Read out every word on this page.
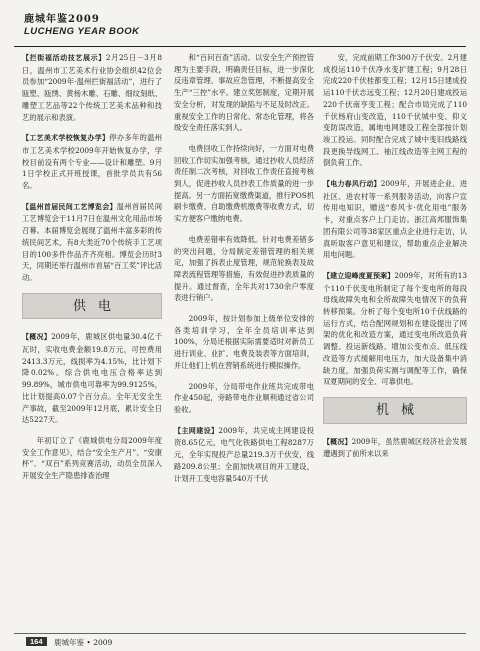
鹿城年鉴2009
LUCHENG YEAR BOOK

【拦街福活动技艺展示】2月25日－3月8日，温州市工艺美术行业协会组织42位会员参加“2009年·温州拦街福活动”，进行了瓯塑、瓯绣、黄杨木雕、石雕、细纹刻纸、雕塑工艺品等22个传统工艺美术品种和技艺的展示和表演。

【工艺美术学校恢复办学】停办多年的温州市工艺美术学校2009年开始恢复办学，学校目前设有两个专业——设计和雕塑。9月1日学校正式开班授课，首批学员共有56名。

【温州首届民间工艺博览会】温州首届民间工艺博览会于11月7日在温州文化用品市场召幕。本届博览会展现了温州丰富多彩的传统民间艺术，有8大类近70个传统手工艺项目的100多件作品齐齐亮相。博览会历时3天，同期还举行温州市首届“百工奖”评比活动。

供电

【概况】2009年，鹿城区供电量30.4亿千瓦时，实收电费金额19.8万元，可控费用2413.3万元，线损率为4.15%，比计划下降0.02%。综合供电电压合格率达到99.89%，城市供电可靠率为99.9125%，比计划提高0.07个百分点。全年无安全生产事故，截至2009年12月底，累计安全日达5227天。

年初订立了《鹿城供电分局2009年度安全工作意见》，结合“安全生产月”、“安康杯”、“双百”系列竞赛活动，动员全员深入开展安全生产隐患排查治理

和“百问百查”活动。以安全生产预控管理为主要手段，明确责任目标，进一步深化反违章管理、事故应急管理，不断提高安全生产“三控”水平。建立奖惩制度，定期开展安全分析，对发现的缺陷与不足及时改正。重视安全工作的日常化、常态化管理，将各级安全责任落实到人。

电费回收工作持续向好，一方面对电费回收工作切实加强考核，通过抄收人员经济责任制二次考核，对回收工作责任直接考核到人，促进抄收人员抄表工作质量的进一步提高。另一方面拓宽缴费渠道，推行POS机刷卡缴费、自助缴费机缴费等收费方式，切实方便客户缴纳电费。

电费差错率有效降低。针对电费差错多的突出问题，分局制定差错管理的相关规定，加强了拆表止度管理，规范轮换表及故障表流程管理等措施，有效促进抄表质量的提升。通过督查，全年共对1730余户零度表进行销户。

2009年，按计划参加上级单位安排的各类培训学习，全年全员培训率达到100%，分局还根据实际需要适时对新员工进行训业、业扩、电费及装表等方面培训，并让他们上机在营销系统进行模拟操作。

2009年，分局带电作业班共完成带电作业450起，旁路带电作业顺利通过省公司验收。

【主网建设】2009年，共完成主网建设投资8.65亿元，电气化铁路供电工程8287万元，全年实现投产总量219.3万千伏安，线路209.8公里；全面加快项目的开工建设，计划开工变电容量540万千伏

安，完成前期工作300万千伏安。2月建成投运110千伏净水变扩建工程；9月28日完成220千伏桂都变工程；12月15日建成投运110千伏志远变工程；12月20日建成投运220千伏南亨变工程；配合市局完成了110千伏杨府山变改造，110千伏城中变、仰义变防误改造，属地电网建设工程全部按计划竣工投运。同时配合完成了城中变旧线路线段更换导线网工、袖江线改造等主网工程的倒负荷工作。

【电力春风行动】2009年，开展进企业、进社区、进农村等一系列服务活动，向客户宣传用电知识，赠送“春风卡·优化用电”服务卡，对重点客户上门走访。浙江高邦服饰集团有限公司等38家区重点企业进行走访，认真听取客户意见和建议，帮助重点企业解决用电问题。

【建立迎峰度夏预案】2009年，对所有的13个110千伏变电所制定了每个变电所的每段母线故障失电和全所故障失电情况下的负荷转移预案。分析了每个变电所10千伏线路的运行方式，结合配网规划和在建设提出了网架的优化和改造方案，通过变电所改造负荷调整、投运新线路、增加公变布点、低压线改造等方式缓解用电压力，加大设备集中消缺力度，加强负荷实测与调配等工作，确保双夏期间的安全、可靠供电。

机械

【概况】2009年，虽然鹿城区经济社会发展遭遇到了前所未以来

164	鹿城年鉴 • 2009
